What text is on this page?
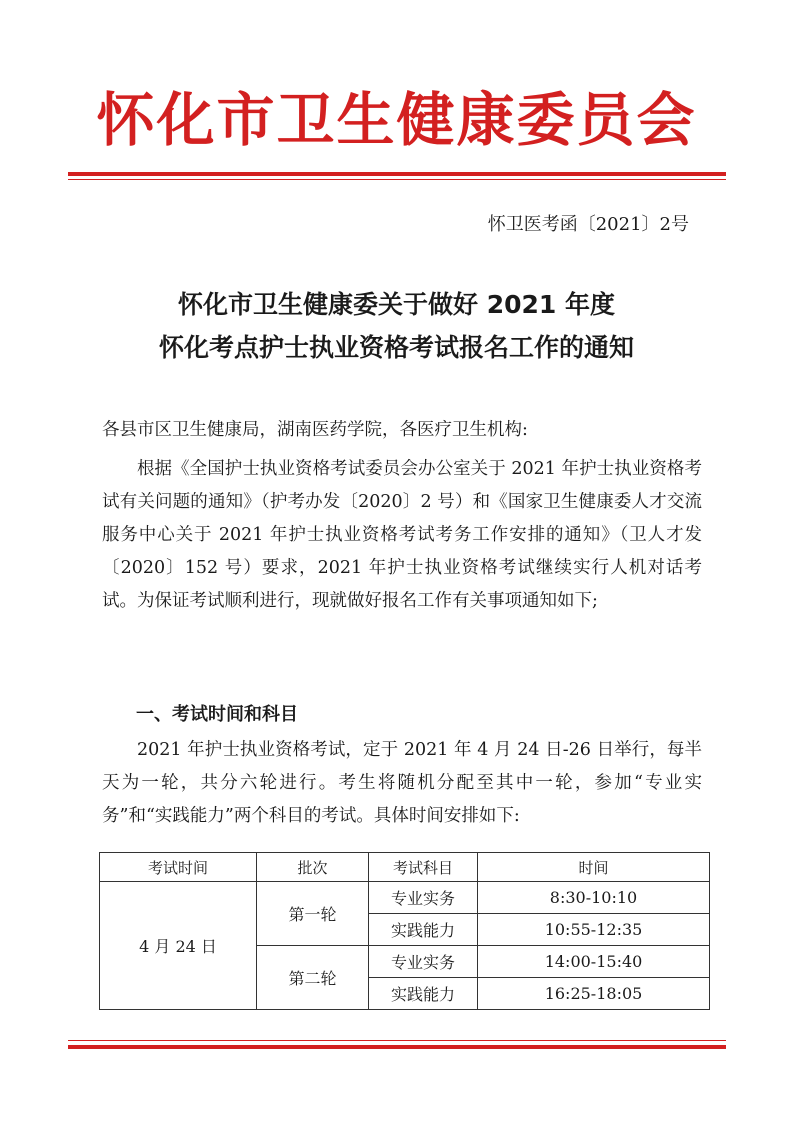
怀化市卫生健康委员会
怀卫医考函〔2021〕2号
怀化市卫生健康委关于做好 2021 年度
怀化考点护士执业资格考试报名工作的通知
各县市区卫生健康局，湖南医药学院，各医疗卫生机构:
根据《全国护士执业资格考试委员会办公室关于 2021 年护士执业资格考试有关问题的通知》（护考办发〔2020〕2 号）和《国家卫生健康委人才交流服务中心关于 2021 年护士执业资格考试考务工作安排的通知》（卫人才发〔2020〕152 号）要求，2021 年护士执业资格考试继续实行人机对话考试。为保证考试顺利进行，现就做好报名工作有关事项通知如下;
一、考试时间和科目
2021 年护士执业资格考试，定于 2021 年 4 月 24 日-26 日举行，每半天为一轮，共分六轮进行。考生将随机分配至其中一轮，参加“专业实务”和“实践能力”两个科目的考试。具体时间安排如下:
考试时间	批次	考试科目	时间
4 月 24 日	第一轮	专业实务	8:30-10:10
		实践能力	10:55-12:35
	第二轮	专业实务	14:00-15:40
		实践能力	16:25-18:05
